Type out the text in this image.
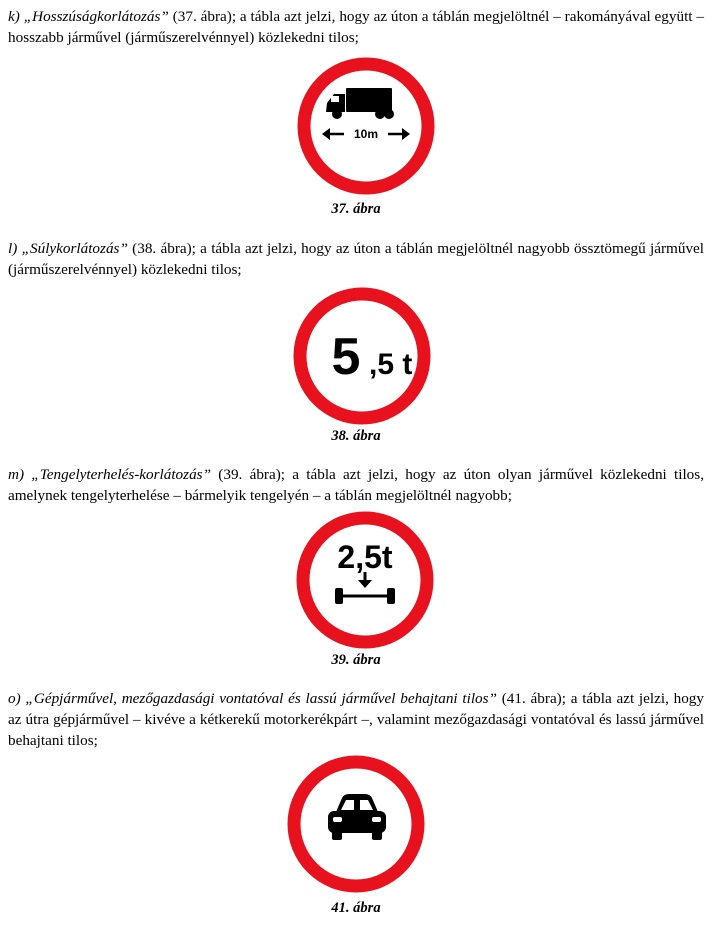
k) „Hosszúságkorlátozás” (37. ábra); a tábla azt jelzi, hogy az úton a táblán megjelöltnél – rakományával együtt – hosszabb járművel (járműszerelvénnyel) közlekedni tilos;

10m
37. ábra

l) „Súlykorlátozás” (38. ábra); a tábla azt jelzi, hogy az úton a táblán megjelöltnél nagyobb össztömegű járművel (járműszerelvénnyel) közlekedni tilos;

5 ,5 t
38. ábra

m) „Tengelyterhelés-korlátozás” (39. ábra); a tábla azt jelzi, hogy az úton olyan járművel közlekedni tilos, amelynek tengelyterhelése – bármelyik tengelyén – a táblán megjelöltnél nagyobb;

2,5t
39. ábra

o) „Gépjárművel, mezőgazdasági vontatóval és lassú járművel behajtani tilos” (41. ábra); a tábla azt jelzi, hogy az útra gépjárművel – kivéve a kétkerekű motorkerékpárt –, valamint mezőgazdasági vontatóval és lassú járművel behajtani tilos;

41. ábra
